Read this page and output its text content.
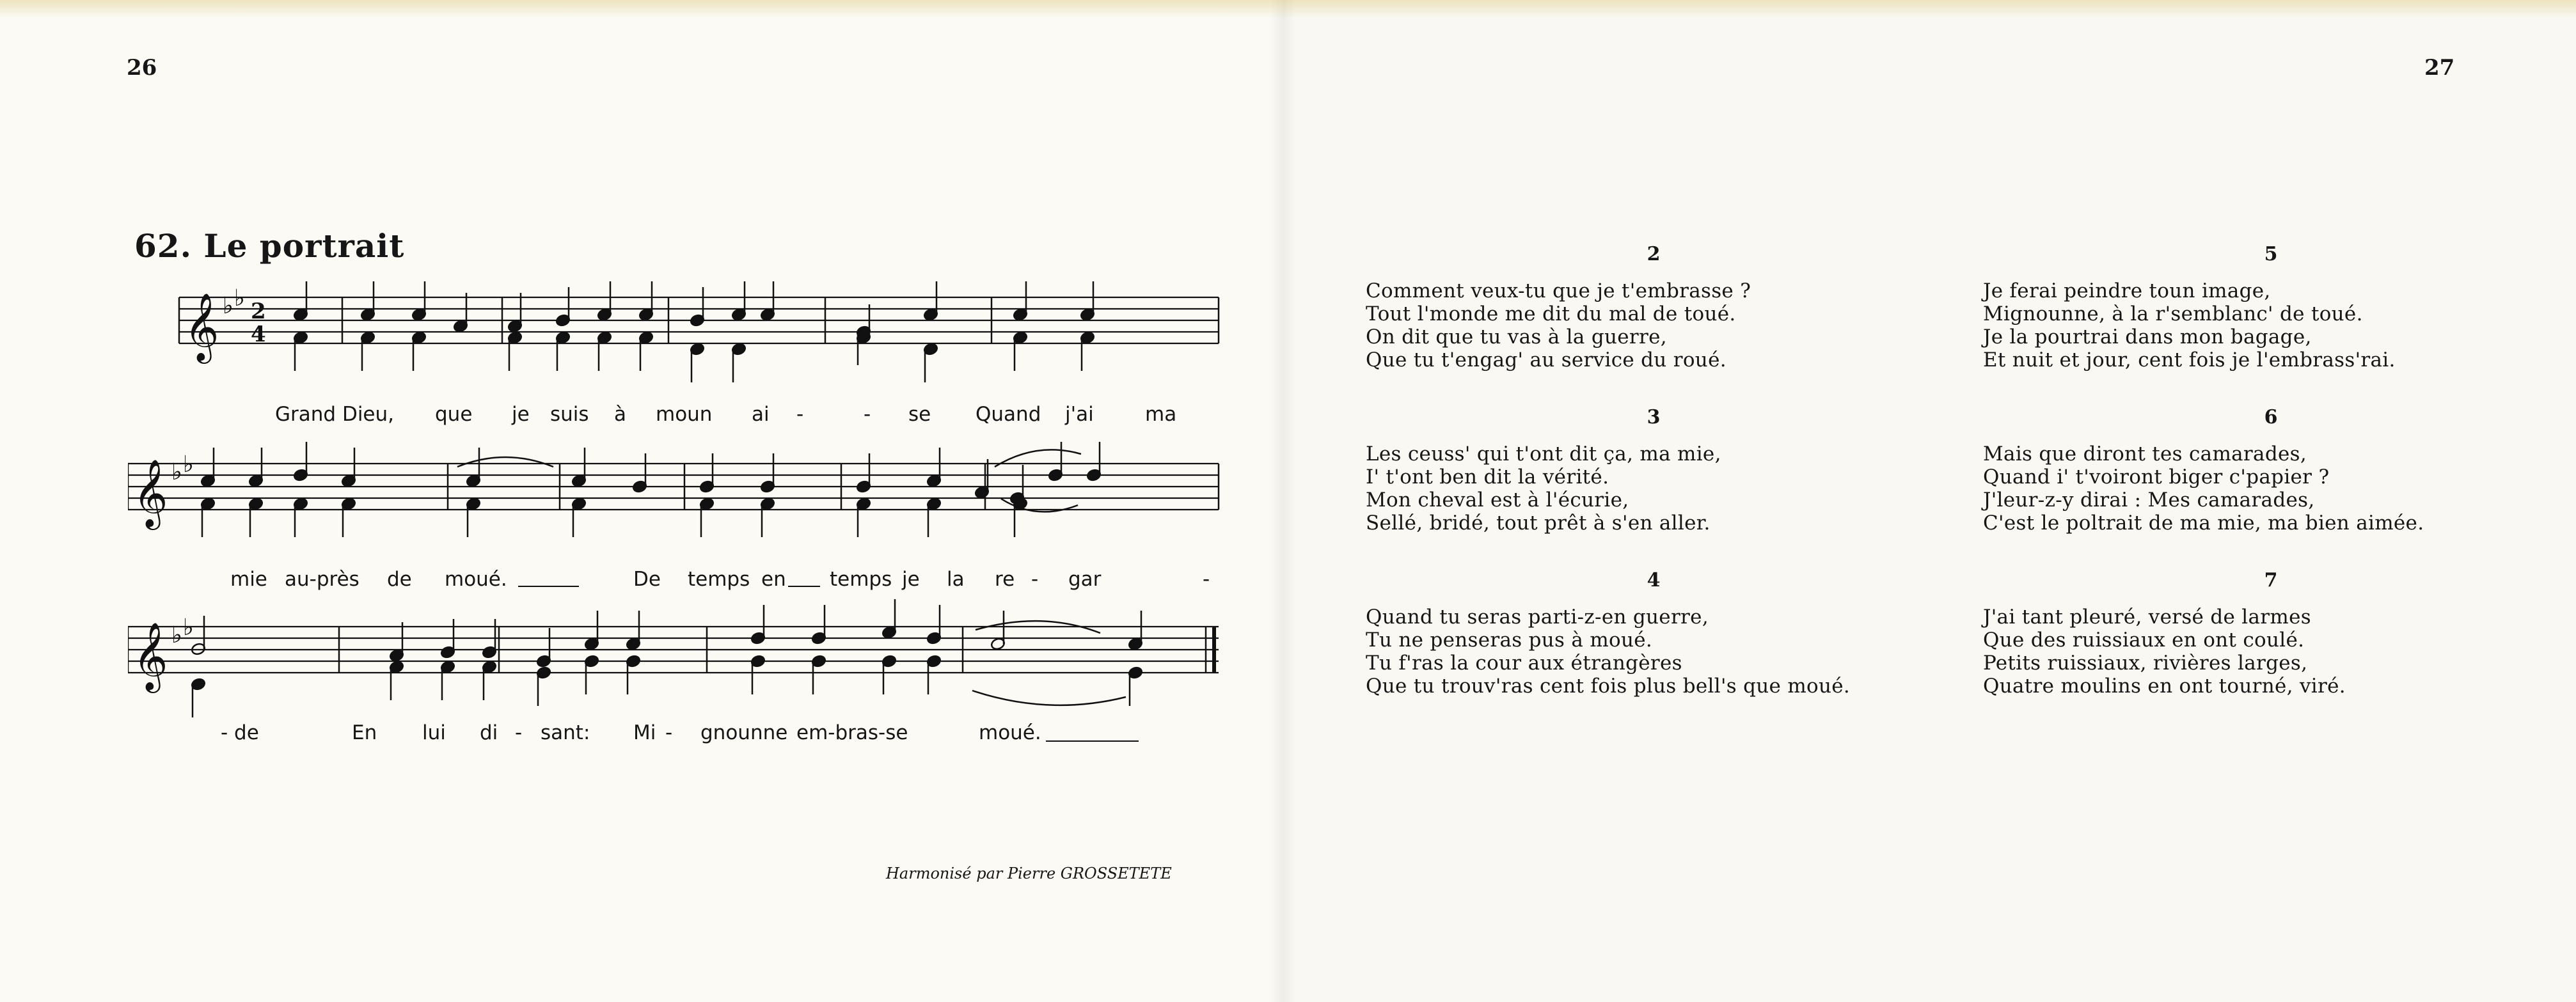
26
62. Le portrait
𝄞
𝄞
𝄞
♭ ♭
♭ ♭
♭ ♭
2
4
Grand Dieu, que je suis à moun ai -	- se Quand j'ai	ma
mie au-près de moué.	De temps en temps je la re - gar	-
- de	En lui di - sant: Mi - gnounne em-bras-se	moué.
Harmonisé par Pierre GROSSETETE
27
2
Comment veux-tu que je t'embrasse ?
Tout l'monde me dit du mal de toué.
On dit que tu vas à la guerre,
Que tu t'engag' au service du roué.
3
Les ceuss' qui t'ont dit ça, ma mie,
I' t'ont ben dit la vérité.
Mon cheval est à l'écurie,
Sellé, bridé, tout prêt à s'en aller.
4
Quand tu seras parti-z-en guerre,
Tu ne penseras pus à moué.
Tu f'ras la cour aux étrangères
Que tu trouv'ras cent fois plus bell's que moué.
5
Je ferai peindre toun image,
Mignounne, à la r'semblanc' de toué.
Je la pourtrai dans mon bagage,
Et nuit et jour, cent fois je l'embrass'rai.
6
Mais que diront tes camarades,
Quand i' t'voiront biger c'papier ?
J'leur-z-y dirai : Mes camarades,
C'est le poltrait de ma mie, ma bien aimée.
7
J'ai tant pleuré, versé de larmes
Que des ruissiaux en ont coulé.
Petits ruissiaux, rivières larges,
Quatre moulins en ont tourné, viré.
